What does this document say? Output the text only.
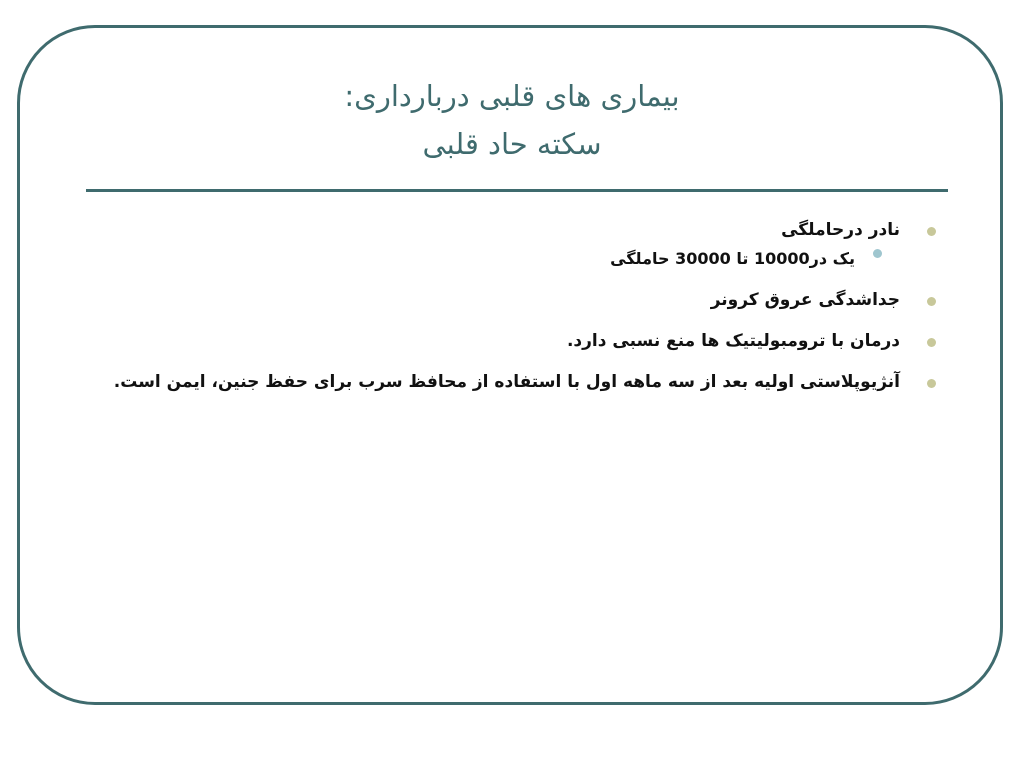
بیماری های قلبی دربارداری:
سکته حاد قلبی
نادر درحاملگی
یک در10000 تا 30000 حاملگی
جداشدگی عروق کرونر
درمان با ترومبولیتیک ها منع نسبی دارد.
آنژیوپلاستی اولیه بعد از سه ماهه اول با استفاده از محافظ سرب برای حفظ جنین، ایمن است.
